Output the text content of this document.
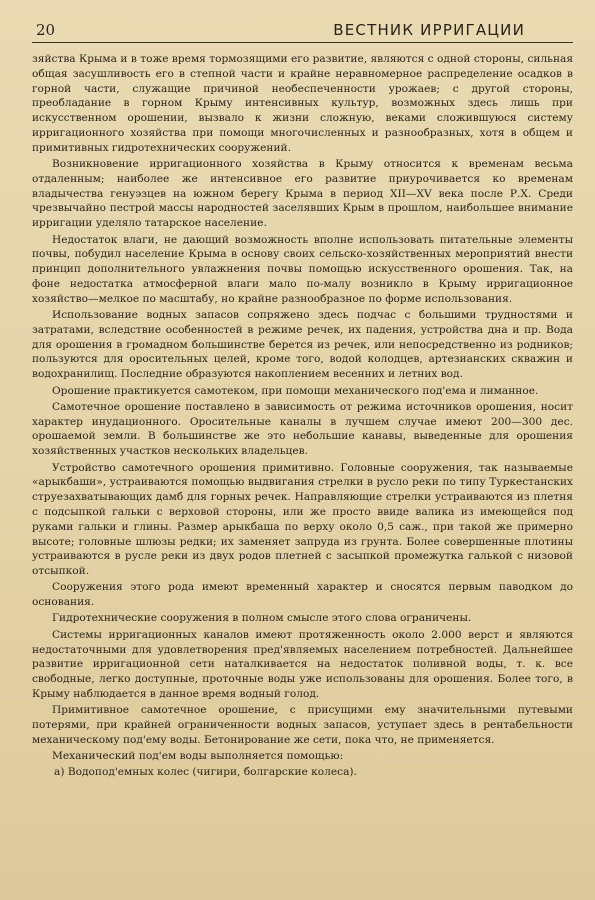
20	ВЕСТНИК ИРРИГАЦИИ

зяйства Крыма и в тоже время тормозящими его развитие, являются с одной стороны, сильная общая засушливость его в степной части и крайне неравномерное распределение осадков в горной части, служащие причиной необеспеченности урожаев; с другой стороны, преобладание в горном Крыму интенсивных культур, возможных здесь лишь при искусственном орошении, вызвало к жизни сложную, веками сложившуюся систему ирригационного хозяйства при помощи многочисленных и разнообразных, хотя в общем и примитивных гидротехнических сооружений.

Возникновение ирригационного хозяйства в Крыму относится к временам весьма отдаленным; наиболее же интенсивное его развитие приурочивается ко временам владычества генуэзцев на южном берегу Крыма в период XII—XV века после Р.Х. Среди чрезвычайно пестрой массы народностей заселявших Крым в прошлом, наибольшее внимание ирригации уделяло татарское население.

Недостаток влаги, не дающий возможность вполне использовать питательные элементы почвы, побудил население Крыма в основу своих сельско-хозяйственных мероприятий внести принцип дополнительного увлажнения почвы помощью искусственного орошения. Так, на фоне недостатка атмосферной влаги мало по-малу возникло в Крыму ирригационное хозяйство—мелкое по масштабу, но крайне разнообразное по форме использования.

Использование водных запасов сопряжено здесь подчас с большими трудностями и затратами, вследствие особенностей в режиме речек, их падения, устройства дна и пр. Вода для орошения в громадном большинстве берется из речек, или непосредственно из родников; пользуются для оросительных целей, кроме того, водой колодцев, артезианских скважин и водохранилищ. Последние образуются накоплением весенних и летних вод.

Орошение практикуется самотеком, при помощи механического под'ема и лиманное.

Самотечное орошение поставлено в зависимость от режима источников орошения, носит характер инудационного. Оросительные каналы в лучшем случае имеют 200—300 дес. орошаемой земли. В большинстве же это небольшие канавы, выведенные для орошения хозяйственных участков нескольких владельцев.

Устройство самотечного орошения примитивно. Головные сооружения, так называемые «арыкбаши», устраиваются помощью выдвигания стрелки в русло реки по типу Туркестанских струезахватывающих дамб для горных речек. Направляющие стрелки устраиваются из плетня с подсыпкой гальки с верховой стороны, или же просто ввиде валика из имеющейся под руками гальки и глины. Размер арыкбаша по верху около 0,5 саж., при такой же примерно высоте; головные шлюзы редки; их заменяет запруда из грунта. Более совершенные плотины устраиваются в русле реки из двух родов плетней с засыпкой промежутка галькой с низовой отсыпкой.

Сооружения этого рода имеют временный характер и сносятся первым паводком до основания.

Гидротехнические сооружения в полном смысле этого слова ограничены.

Системы ирригационных каналов имеют протяженность около 2.000 верст и являются недостаточными для удовлетворения пред'являемых населением потребностей. Дальнейшее развитие ирригационной сети наталкивается на недостаток поливной воды, т. к. все свободные, легко доступные, проточные воды уже использованы для орошения. Более того, в Крыму наблюдается в данное время водный голод.

Примитивное самотечное орошение, с присущими ему значительными путевыми потерями, при крайней ограниченности водных запасов, уступает здесь в рентабельности механическому под'ему воды. Бетонирование же сети, пока что, не применяется.

Механический под'ем воды выполняется помощью:

а) Водопод'емных колес (чигири, болгарские колеса).
